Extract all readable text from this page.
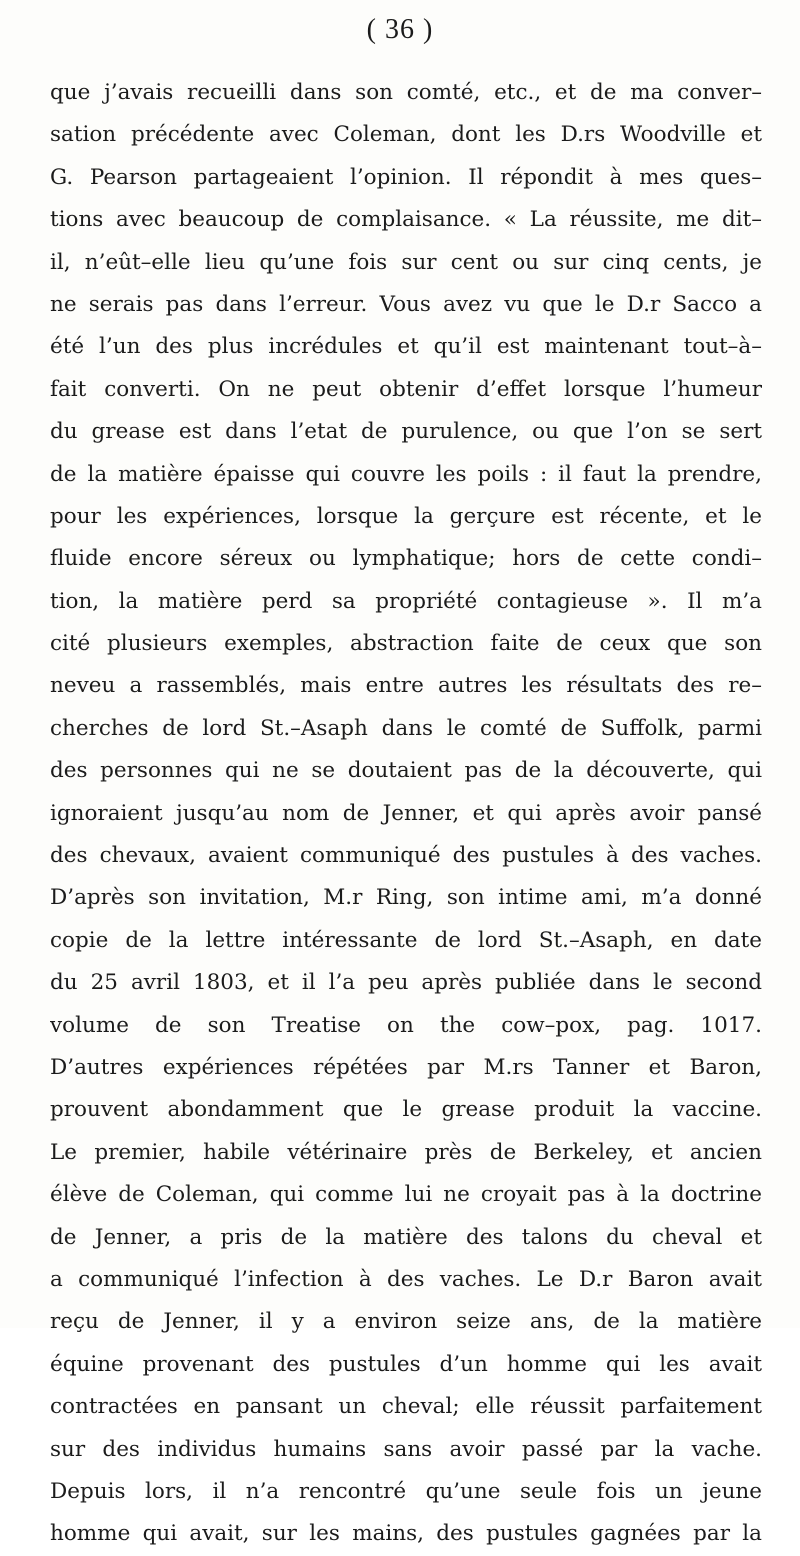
( 36 )
que j’avais recueilli dans son comté, etc., et de ma conver–
sation précédente avec Coleman, dont les D.rs Woodville et
G. Pearson partageaient l’opinion. Il répondit à mes ques–
tions avec beaucoup de complaisance. « La réussite, me dit–
il, n’eût–elle lieu qu’une fois sur cent ou sur cinq cents, je
ne serais pas dans l’erreur. Vous avez vu que le D.r Sacco a
été l’un des plus incrédules et qu’il est maintenant tout–à–
fait converti. On ne peut obtenir d’effet lorsque l’humeur
du grease est dans l’etat de purulence, ou que l’on se sert
de la matière épaisse qui couvre les poils : il faut la prendre,
pour les expériences, lorsque la gerçure est récente, et le
fluide encore séreux ou lymphatique; hors de cette condi–
tion, la matière perd sa propriété contagieuse ». Il m’a
cité plusieurs exemples, abstraction faite de ceux que son
neveu a rassemblés, mais entre autres les résultats des re–
cherches de lord St.–Asaph dans le comté de Suffolk, parmi
des personnes qui ne se doutaient pas de la découverte, qui
ignoraient jusqu’au nom de Jenner, et qui après avoir pansé
des chevaux, avaient communiqué des pustules à des vaches.
D’après son invitation, M.r Ring, son intime ami, m’a donné
copie de la lettre intéressante de lord St.–Asaph, en date
du 25 avril 1803, et il l’a peu après publiée dans le second
volume de son Treatise on the cow–pox, pag. 1017.
D’autres expériences répétées par M.rs Tanner et Baron,
prouvent abondamment que le grease produit la vaccine.
Le premier, habile vétérinaire près de Berkeley, et ancien
élève de Coleman, qui comme lui ne croyait pas à la doctrine
de Jenner, a pris de la matière des talons du cheval et
a communiqué l’infection à des vaches. Le D.r Baron avait
reçu de Jenner, il y a environ seize ans, de la matière
équine provenant des pustules d’un homme qui les avait
contractées en pansant un cheval; elle réussit parfaitement
sur des individus humains sans avoir passé par la vache.
Depuis lors, il n’a rencontré qu’une seule fois un jeune
homme qui avait, sur les mains, des pustules gagnées par la
